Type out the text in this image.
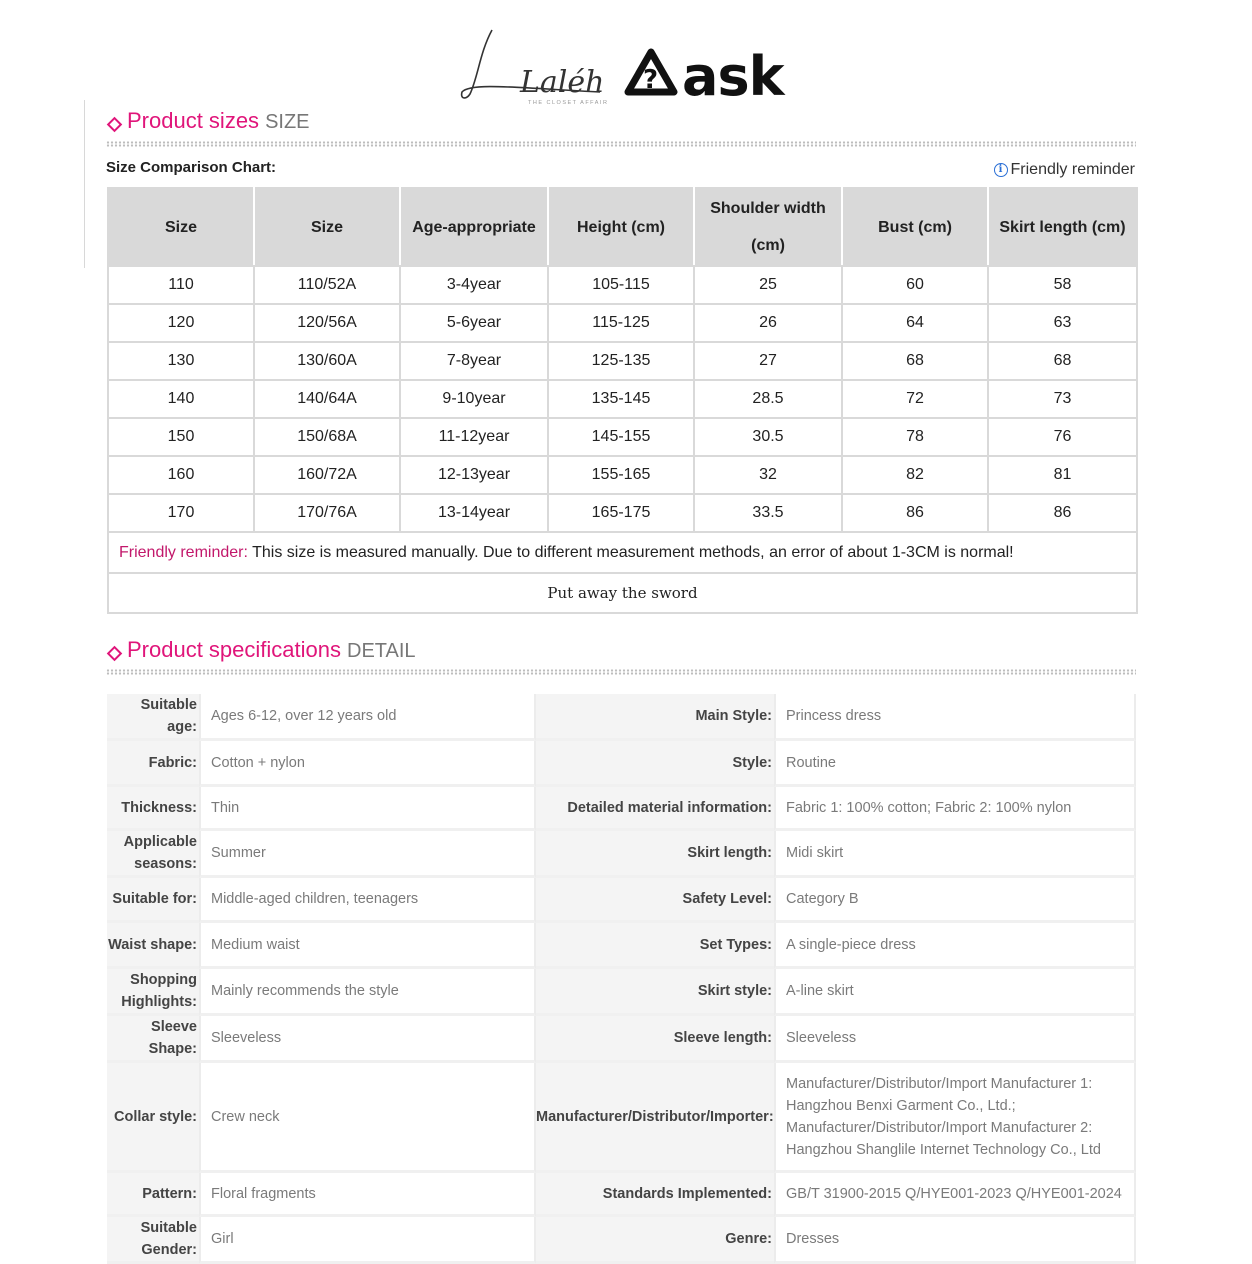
Laléh
THE CLOSET AFFAIR
? ask
Product sizes SIZE
Size Comparison Chart:	i Friendly reminder
Size	Size	Age-appropriate	Height (cm)	Shoulder width (cm)	Bust (cm)	Skirt length (cm)
110	110/52A	3-4year	105-115	25	60	58
120	120/56A	5-6year	115-125	26	64	63
130	130/60A	7-8year	125-135	27	68	68
140	140/64A	9-10year	135-145	28.5	72	73
150	150/68A	11-12year	145-155	30.5	78	76
160	160/72A	12-13year	155-165	32	82	81
170	170/76A	13-14year	165-175	33.5	86	86
Friendly reminder: This size is measured manually. Due to different measurement methods, an error of about 1-3CM is normal!						
Put away the sword						
Product specifications DETAIL
Suitable age:	Ages 6-12, over 12 years old	Main Style:	Princess dress
Fabric:	Cotton + nylon	Style:	Routine
Thickness:	Thin	Detailed material information:	Fabric 1: 100% cotton; Fabric 2: 100% nylon
Applicable seasons:	Summer	Skirt length:	Midi skirt
Suitable for:	Middle-aged children, teenagers	Safety Level:	Category B
Waist shape:	Medium waist	Set Types:	A single-piece dress
Shopping Highlights:	Mainly recommends the style	Skirt style:	A-line skirt
Sleeve Shape:	Sleeveless	Sleeve length:	Sleeveless
Collar style:	Crew neck	Manufacturer/Distributor/Importer:	Manufacturer/Distributor/Import Manufacturer 1: Hangzhou Benxi Garment Co., Ltd.; Manufacturer/Distributor/Import Manufacturer 2: Hangzhou Shanglile Internet Technology Co., Ltd
Pattern:	Floral fragments	Standards Implemented:	GB/T 31900-2015 Q/HYE001-2023 Q/HYE001-2024
Suitable Gender:	Girl	Genre:	Dresses
